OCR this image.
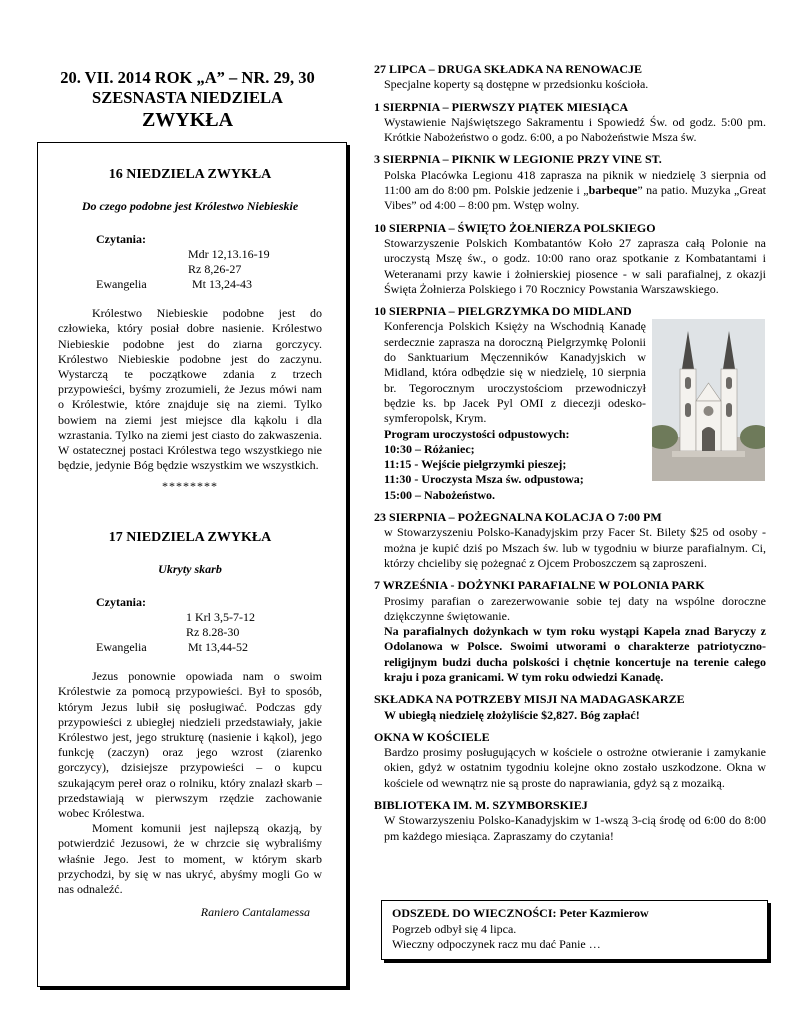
20. VII. 2014 ROK „A” – NR. 29, 30
SZESNASTA NIEDZIELA
ZWYKŁA
16 NIEDZIELA ZWYKŁA
Do czego podobne jest Królestwo Niebieskie
Czytania:
Mdr 12,13.16-19
Rz 8,26-27
Ewangelia	Mt 13,24-43

Królestwo Niebieskie podobne jest do człowieka, który posiał dobre nasienie. Królestwo Niebieskie podobne jest do ziarna gorczycy. Królestwo Niebieskie podobne jest do zaczynu. Wystarczą te początkowe zdania z trzech przypowieści, byśmy zrozumieli, że Jezus mówi nam o Królestwie, które znajduje się na ziemi. Tylko bowiem na ziemi jest miejsce dla kąkolu i dla wzrastania. Tylko na ziemi jest ciasto do zakwaszenia. W ostatecznej postaci Królestwa tego wszystkiego nie będzie, jedynie Bóg będzie wszystkim we wszystkich.

********
17 NIEDZIELA ZWYKŁA
Ukryty skarb
Czytania:
1 Krl 3,5-7-12
Rz 8.28-30
Ewangelia	Mt 13,44-52

Jezus ponownie opowiada nam o swoim Królestwie za pomocą przypowieści. Był to sposób, którym Jezus lubił się posługiwać. Podczas gdy przypowieści z ubiegłej niedzieli przedstawiały, jakie Królestwo jest, jego strukturę (nasienie i kąkol), jego funkcję (zaczyn) oraz jego wzrost (ziarenko gorczycy), dzisiejsze przypowieści – o kupcu szukającym pereł oraz o rolniku, który znalazł skarb – przedstawiają w pierwszym rzędzie zachowanie wobec Królestwa.

Moment komunii jest najlepszą okazją, by potwierdzić Jezusowi, że w chrzcie się wybraliśmy właśnie Jego. Jest to moment, w którym skarb przychodzi, by się w nas ukryć, abyśmy mogli Go w nas odnaleźć.

Raniero Cantalamessa
27 LIPCA – DRUGA SKŁADKA NA RENOWACJE
Specjalne koperty są dostępne w przedsionku kościoła.
1 SIERPNIA – PIERWSZY PIĄTEK MIESIĄCA
Wystawienie Najświętszego Sakramentu i Spowiedź Św. od godz. 5:00 pm. Krótkie Nabożeństwo o godz. 6:00, a po Nabożeństwie Msza św.
3 SIERPNIA – PIKNIK W LEGIONIE PRZY VINE ST.
Polska Placówka Legionu 418 zaprasza na piknik w niedzielę 3 sierpnia od 11:00 am do 8:00 pm. Polskie jedzenie i „barbeque” na patio. Muzyka „Great Vibes” od 4:00 – 8:00 pm. Wstęp wolny.
10 SIERPNIA – ŚWIĘTO ŻOŁNIERZA POLSKIEGO
Stowarzyszenie Polskich Kombatantów Koło 27 zaprasza całą Polonie na uroczystą Mszę św., o godz. 10:00 rano oraz spotkanie z Kombatantami i Weteranami przy kawie i żołnierskiej piosence - w sali parafialnej, z okazji Święta Żołnierza Polskiego i 70 Rocznicy Powstania Warszawskiego.
10 SIERPNIA – PIELGRZYMKA DO MIDLAND
Konferencja Polskich Księży na Wschodnią Kanadę serdecznie zaprasza na doroczną Pielgrzymkę Polonii do Sanktuarium Męczenników Kanadyjskich w Midland, która odbędzie się w niedzielę, 10 sierpnia br. Tegorocznym uroczystościom przewodniczył będzie ks. bp Jacek Pyl OMI z diecezji odesko-symferopolsk, Krym.
Program uroczystości odpustowych:
10:30 – Różaniec;
11:15 - Wejście pielgrzymki pieszej;
11:30 - Uroczysta Msza św. odpustowa;
15:00 – Nabożeństwo.
23 SIERPNIA – POŻEGNALNA KOLACJA O 7:00 PM
w Stowarzyszeniu Polsko-Kanadyjskim przy Facer St. Bilety $25 od osoby - można je kupić dziś po Mszach św. lub w tygodniu w biurze parafialnym. Ci, którzy chcieliby się pożegnać z Ojcem Proboszczem są zaproszeni.
7 WRZEŚNIA - DOŻYNKI PARAFIALNE W POLONIA PARK
Prosimy parafian o zarezerwowanie sobie tej daty na wspólne doroczne dziękczynne świętowanie.
Na parafialnych dożynkach w tym roku wystąpi Kapela znad Baryczy z Odolanowa w Polsce. Swoimi utworami o charakterze patriotyczno-religijnym budzi ducha polskości i chętnie koncertuje na terenie całego kraju i poza granicami. W tym roku odwiedzi Kanadę.
SKŁADKA NA POTRZEBY MISJI NA MADAGASKARZE
W ubiegłą niedzielę złożyliście $2,827. Bóg zapłać!
OKNA W KOŚCIELE
Bardzo prosimy posługujących w kościele o ostrożne otwieranie i zamykanie okien, gdyż w ostatnim tygodniu kolejne okno zostało uszkodzone. Okna w kościele od wewnątrz nie są proste do naprawiania, gdyż są z mozaiką.
BIBLIOTEKA IM. M. SZYMBORSKIEJ
W Stowarzyszeniu Polsko-Kanadyjskim w 1-wszą 3-cią środę od 6:00 do 8:00 pm każdego miesiąca. Zapraszamy do czytania!
ODSZEDŁ DO WIECZNOŚCI: Peter Kazmierow
Pogrzeb odbył się 4 lipca.
Wieczny odpoczynek racz mu dać Panie …
